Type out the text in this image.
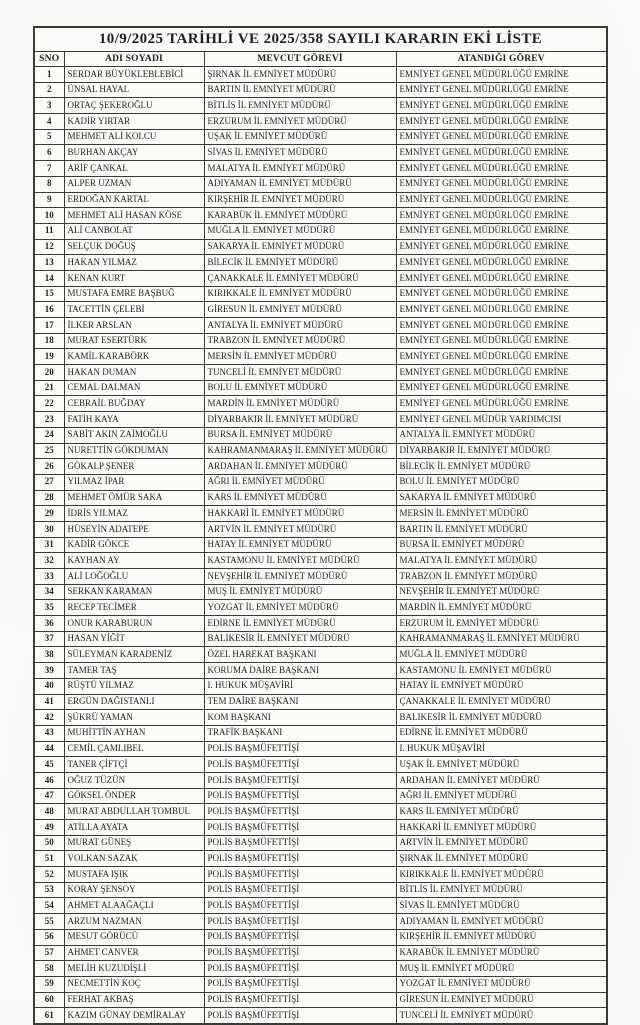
10/9/2025 TARİHLİ VE 2025/358 SAYILI KARARIN EKİ LİSTE			
SNO	ADI SOYADI	MEVCUT GÖREVİ	ATANDIĞI GÖREV
1	SERDAR BÜYÜKLEBLEBİCİ	ŞIRNAK İL EMNİYET MÜDÜRÜ	EMNİYET GENEL MÜDÜRLÜĞÜ EMRİNE
2	ÜNSAL HAYAL	BARTIN İL EMNİYET MÜDÜRÜ	EMNİYET GENEL MÜDÜRLÜĞÜ EMRİNE
3	ORTAÇ ŞEKEROĞLU	BİTLİS İL EMNİYET MÜDÜRÜ	EMNİYET GENEL MÜDÜRLÜĞÜ EMRİNE
4	KADİR YIRTAR	ERZURUM İL EMNİYET MÜDÜRÜ	EMNİYET GENEL MÜDÜRLÜĞÜ EMRİNE
5	MEHMET ALİ KOLCU	UŞAK İL EMNİYET MÜDÜRÜ	EMNİYET GENEL MÜDÜRLÜĞÜ EMRİNE
6	BURHAN AKÇAY	SİVAS İL EMNİYET MÜDÜRÜ	EMNİYET GENEL MÜDÜRLÜĞÜ EMRİNE
7	ARİF ÇANKAL	MALATYA İL EMNİYET MÜDÜRÜ	EMNİYET GENEL MÜDÜRLÜĞÜ EMRİNE
8	ALPER UZMAN	ADIYAMAN İL EMNİYET MÜDÜRÜ	EMNİYET GENEL MÜDÜRLÜĞÜ EMRİNE
9	ERDOĞAN KARTAL	KIRŞEHİR İL EMNİYET MÜDÜRÜ	EMNİYET GENEL MÜDÜRLÜĞÜ EMRİNE
10	MEHMET ALİ HASAN KÖSE	KARABÜK İL EMNİYET MÜDÜRÜ	EMNİYET GENEL MÜDÜRLÜĞÜ EMRİNE
11	ALİ CANBOLAT	MUĞLA İL EMNİYET MÜDÜRÜ	EMNİYET GENEL MÜDÜRLÜĞÜ EMRİNE
12	SELÇUK DOĞUŞ	SAKARYA İL EMNİYET MÜDÜRÜ	EMNİYET GENEL MÜDÜRLÜĞÜ EMRİNE
13	HAKAN YILMAZ	BİLECİK İL EMNİYET MÜDÜRÜ	EMNİYET GENEL MÜDÜRLÜĞÜ EMRİNE
14	KENAN KURT	ÇANAKKALE İL EMNİYET MÜDÜRÜ	EMNİYET GENEL MÜDÜRLÜĞÜ EMRİNE
15	MUSTAFA EMRE BAŞBUĞ	KIRIKKALE İL EMNİYET MÜDÜRÜ	EMNİYET GENEL MÜDÜRLÜĞÜ EMRİNE
16	TACETTİN ÇELEBİ	GİRESUN İL EMNİYET MÜDÜRÜ	EMNİYET GENEL MÜDÜRLÜĞÜ EMRİNE
17	İLKER ARSLAN	ANTALYA İL EMNİYET MÜDÜRÜ	EMNİYET GENEL MÜDÜRLÜĞÜ EMRİNE
18	MURAT ESERTÜRK	TRABZON İL EMNİYET MÜDÜRÜ	EMNİYET GENEL MÜDÜRLÜĞÜ EMRİNE
19	KAMİL KARABÖRK	MERSİN İL EMNİYET MÜDÜRÜ	EMNİYET GENEL MÜDÜRLÜĞÜ EMRİNE
20	HAKAN DUMAN	TUNCELİ İL EMNİYET MÜDÜRÜ	EMNİYET GENEL MÜDÜRLÜĞÜ EMRİNE
21	CEMAL DALMAN	BOLU İL EMNİYET MÜDÜRÜ	EMNİYET GENEL MÜDÜRLÜĞÜ EMRİNE
22	CEBRAİL BUĞDAY	MARDİN İL EMNİYET MÜDÜRÜ	EMNİYET GENEL MÜDÜRLÜĞÜ EMRİNE
23	FATİH KAYA	DİYARBAKIR İL EMNİYET MÜDÜRÜ	EMNİYET GENEL MÜDÜR YARDIMCISI
24	SABİT AKIN ZAİMOĞLU	BURSA İL EMNİYET MÜDÜRÜ	ANTALYA İL EMNİYET MÜDÜRÜ
25	NURETTİN GÖKDUMAN	KAHRAMANMARAŞ İL EMNİYET MÜDÜRÜ	DİYARBAKIR İL EMNİYET MÜDÜRÜ
26	GÖKALP ŞENER	ARDAHAN İL EMNİYET MÜDÜRÜ	BİLECİK İL EMNİYET MÜDÜRÜ
27	YILMAZ İPAR	AĞRI İL EMNİYET MÜDÜRÜ	BOLU İL EMNİYET MÜDÜRÜ
28	MEHMET ÖMÜR SAKA	KARS İL EMNİYET MÜDÜRÜ	SAKARYA İL EMNİYET MÜDÜRÜ
29	İDRİS YILMAZ	HAKKARİ İL EMNİYET MÜDÜRÜ	MERSİN İL EMNİYET MÜDÜRÜ
30	HÜSEYİN ADATEPE	ARTVİN İL EMNİYET MÜDÜRÜ	BARTIN İL EMNİYET MÜDÜRÜ
31	KADİR GÖKCE	HATAY İL EMNİYET MÜDÜRÜ	BURSA İL EMNİYET MÜDÜRÜ
32	KAYHAN AY	KASTAMONU İL EMNİYET MÜDÜRÜ	MALATYA İL EMNİYET MÜDÜRÜ
33	ALİ LOĞOĞLU	NEVŞEHİR İL EMNİYET MÜDÜRÜ	TRABZON İL EMNİYET MÜDÜRÜ
34	SERKAN KARAMAN	MUŞ İL EMNİYET MÜDÜRÜ	NEVŞEHİR İL EMNİYET MÜDÜRÜ
35	RECEP TECİMER	YOZGAT İL EMNİYET MÜDÜRÜ	MARDİN İL EMNİYET MÜDÜRÜ
36	ONUR KARABURUN	EDİRNE İL EMNİYET MÜDÜRÜ	ERZURUM İL EMNİYET MÜDÜRÜ
37	HASAN YİĞİT	BALIKESİR İL EMNİYET MÜDÜRÜ	KAHRAMANMARAŞ İL EMNİYET MÜDÜRÜ
38	SÜLEYMAN KARADENİZ	ÖZEL HAREKAT BAŞKANI	MUĞLA İL EMNİYET MÜDÜRÜ
39	TAMER TAŞ	KORUMA DAİRE BAŞKANI	KASTAMONU İL EMNİYET MÜDÜRÜ
40	RÜŞTÜ YILMAZ	I. HUKUK MÜŞAVİRİ	HATAY İL EMNİYET MÜDÜRÜ
41	ERGÜN DAĞISTANLI	TEM DAİRE BAŞKANI	ÇANAKKALE İL EMNİYET MÜDÜRÜ
42	ŞÜKRÜ YAMAN	KOM BAŞKANI	BALIKESİR İL EMNİYET MÜDÜRÜ
43	MUHİTTİN AYHAN	TRAFİK BAŞKANI	EDİRNE İL EMNİYET MÜDÜRÜ
44	CEMİL ÇAMLIBEL	POLİS BAŞMÜFETTİŞİ	I. HUKUK MÜŞAVİRİ
45	TANER ÇİFTÇİ	POLİS BAŞMÜFETTİŞİ	UŞAK İL EMNİYET MÜDÜRÜ
46	OĞUZ TÜZÜN	POLİS BAŞMÜFETTİŞİ	ARDAHAN İL EMNİYET MÜDÜRÜ
47	GÖKSEL ÖNDER	POLİS BAŞMÜFETTİŞİ	AĞRI İL EMNİYET MÜDÜRÜ
48	MURAT ABDULLAH TOMBUL	POLİS BAŞMÜFETTİŞİ	KARS İL EMNİYET MÜDÜRÜ
49	ATİLLA AYATA	POLİS BAŞMÜFETTİŞİ	HAKKARİ İL EMNİYET MÜDÜRÜ
50	MURAT GÜNEŞ	POLİS BAŞMÜFETTİŞİ	ARTVİN İL EMNİYET MÜDÜRÜ
51	VOLKAN SAZAK	POLİS BAŞMÜFETTİŞİ	ŞIRNAK İL EMNİYET MÜDÜRÜ
52	MUSTAFA IŞIK	POLİS BAŞMÜFETTİŞİ	KIRIKKALE İL EMNİYET MÜDÜRÜ
53	KORAY ŞENSOY	POLİS BAŞMÜFETTİŞİ	BİTLİS İL EMNİYET MÜDÜRÜ
54	AHMET ALAAĞAÇLI	POLİS BAŞMÜFETTİŞİ	SİVAS İL EMNİYET MÜDÜRÜ
55	ARZUM NAZMAN	POLİS BAŞMÜFETTİŞİ	ADIYAMAN İL EMNİYET MÜDÜRÜ
56	MESUT GÖRÜCÜ	POLİS BAŞMÜFETTİŞİ	KIRŞEHİR İL EMNİYET MÜDÜRÜ
57	AHMET CANVER	POLİS BAŞMÜFETTİŞİ	KARABÜK İL EMNİYET MÜDÜRÜ
58	MELİH KUZUDİŞLİ	POLİS BAŞMÜFETTİŞİ	MUŞ İL EMNİYET MÜDÜRÜ
59	NECMETTİN KOÇ	POLİS BAŞMÜFETTİŞİ	YOZGAT İL EMNİYET MÜDÜRÜ
60	FERHAT AKBAŞ	POLİS BAŞMÜFETTİŞİ	GİRESUN İL EMNİYET MÜDÜRÜ
61	KAZIM GÜNAY DEMİRALAY	POLİS BAŞMÜFETTİŞİ	TUNCELİ İL EMNİYET MÜDÜRÜ
